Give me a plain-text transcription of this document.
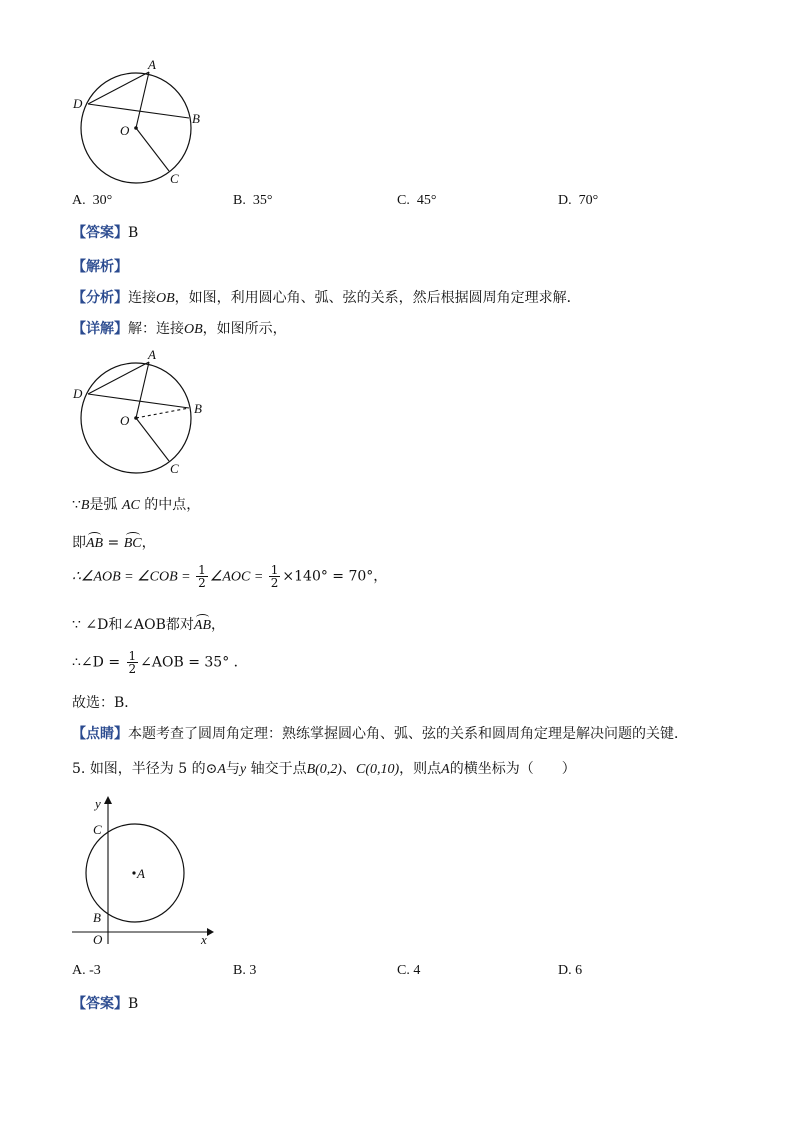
A
D
B
O
C
A. 30°	B. 35°	C. 45°	D. 70°
【答案】B
【解析】
【分析】连接OB，如图，利用圆心角、弧、弦的关系，然后根据圆周角定理求解．
【详解】解：连接OB，如图所示，
A
D
B
O
C
∵B是弧 AC 的中点，
即AB = BC，
∴∠AOB = ∠COB = $\frac{1}{2}$ ∠AOC = $\frac{1}{2} \times 140^\circ = 70^\circ$，
∵ ∠D和∠AOB都对AB，
∴∠D = $\frac{1}{2}$ ∠AOB = 35° ．
故选：B．
【点睛】本题考查了圆周角定理：熟练掌握圆心角、弧、弦的关系和圆周角定理是解决问题的关键．
5. 如图，半径为 5 的⊙A与y 轴交于点B(0,2)、C(0,10)，则点A的横坐标为（　　）
y
C
A
B
O	x
A. -3	B. 3	C. 4	D. 6
【答案】B
